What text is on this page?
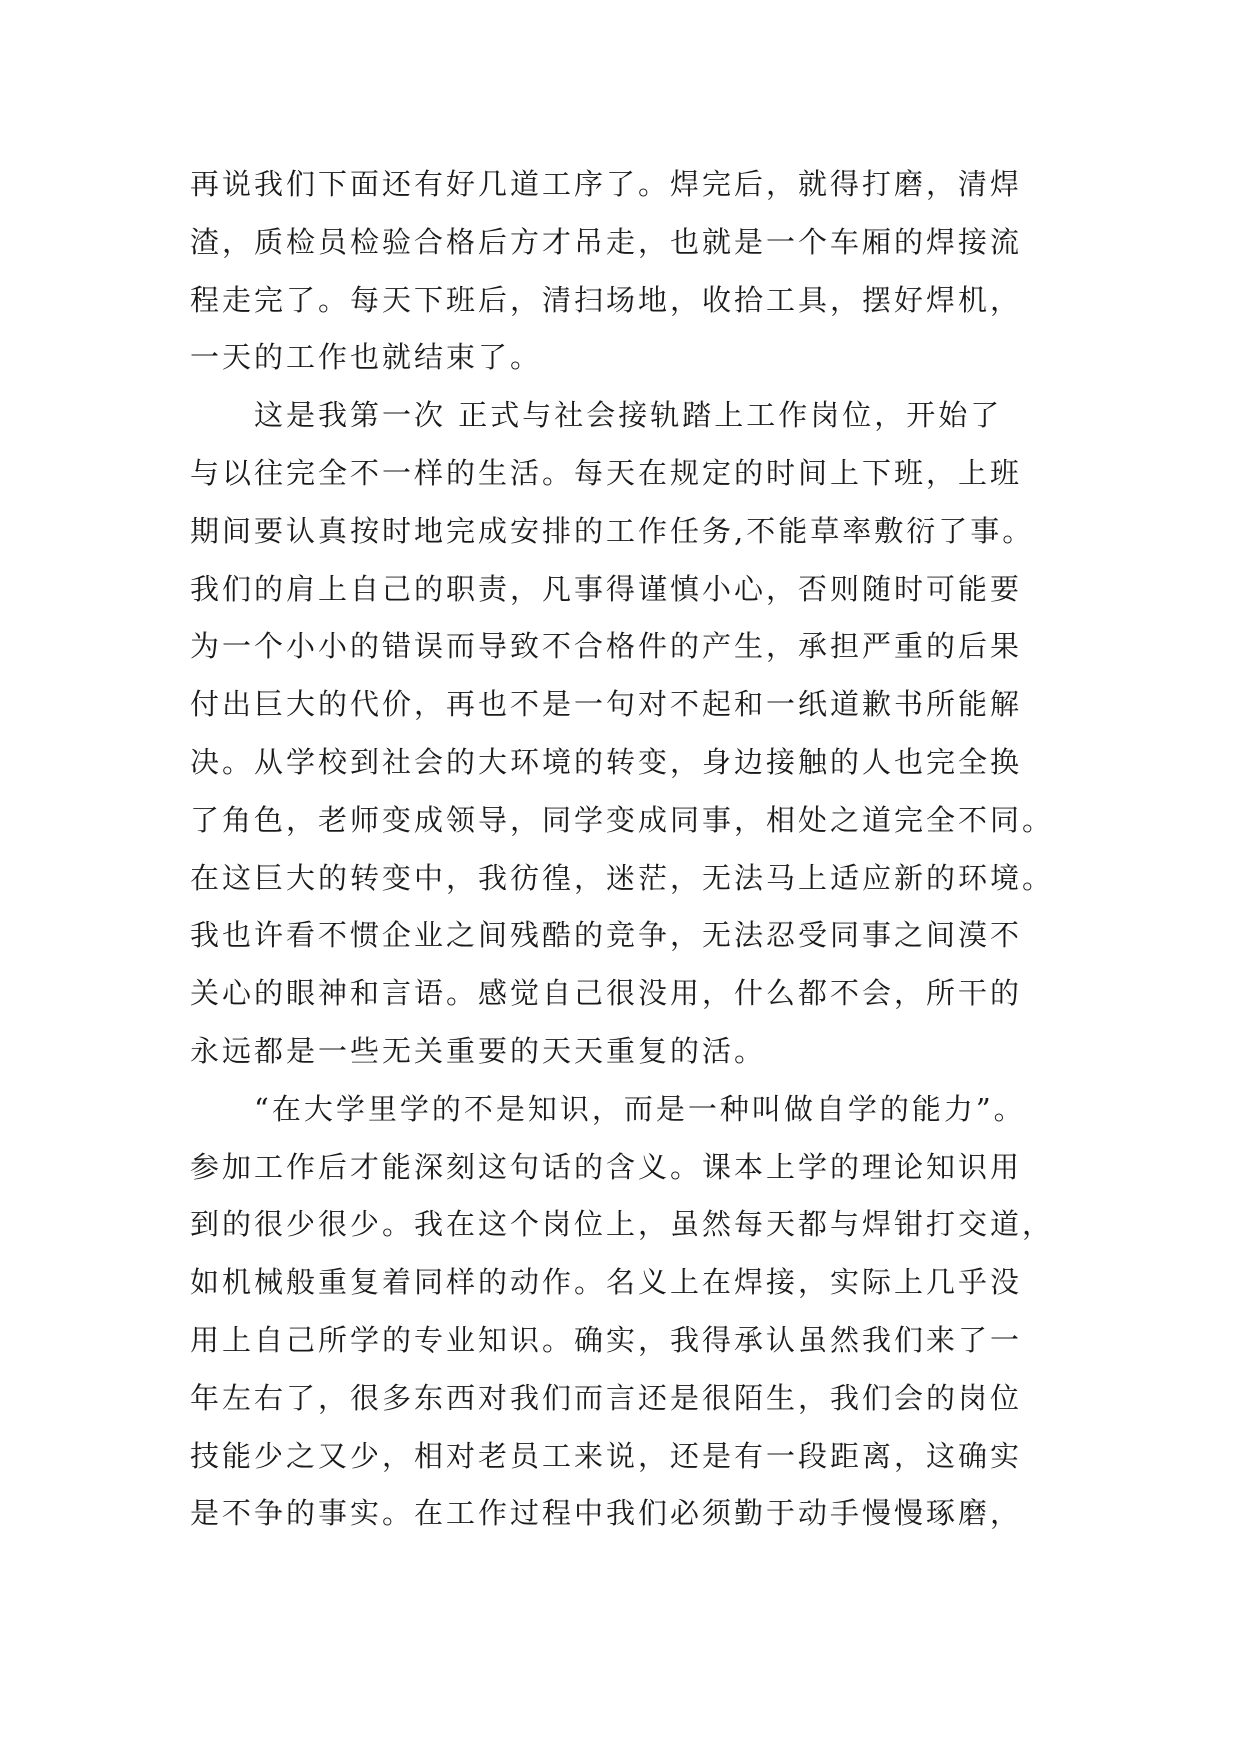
再说我们下面还有好几道工序了。焊完后，就得打磨，清焊
渣，质检员检验合格后方才吊走，也就是一个车厢的焊接流
程走完了。每天下班后，清扫场地，收拾工具，摆好焊机，
一天的工作也就结束了。
　　这是我第一次 正式与社会接轨踏上工作岗位，开始了
与以往完全不一样的生活。每天在规定的时间上下班，上班
期间要认真按时地完成安排的工作任务,不能草率敷衍了事。
我们的肩上自己的职责，凡事得谨慎小心，否则随时可能要
为一个小小的错误而导致不合格件的产生，承担严重的后果
付出巨大的代价，再也不是一句对不起和一纸道歉书所能解
决。从学校到社会的大环境的转变，身边接触的人也完全换
了角色，老师变成领导，同学变成同事，相处之道完全不同。
在这巨大的转变中，我彷徨，迷茫，无法马上适应新的环境。
我也许看不惯企业之间残酷的竞争，无法忍受同事之间漠不
关心的眼神和言语。感觉自己很没用，什么都不会，所干的
永远都是一些无关重要的天天重复的活。
　　“在大学里学的不是知识，而是一种叫做自学的能力”。
参加工作后才能深刻这句话的含义。课本上学的理论知识用
到的很少很少。我在这个岗位上，虽然每天都与焊钳打交道，
如机械般重复着同样的动作。名义上在焊接，实际上几乎没
用上自己所学的专业知识。确实，我得承认虽然我们来了一
年左右了，很多东西对我们而言还是很陌生，我们会的岗位
技能少之又少，相对老员工来说，还是有一段距离，这确实
是不争的事实。在工作过程中我们必须勤于动手慢慢琢磨，
